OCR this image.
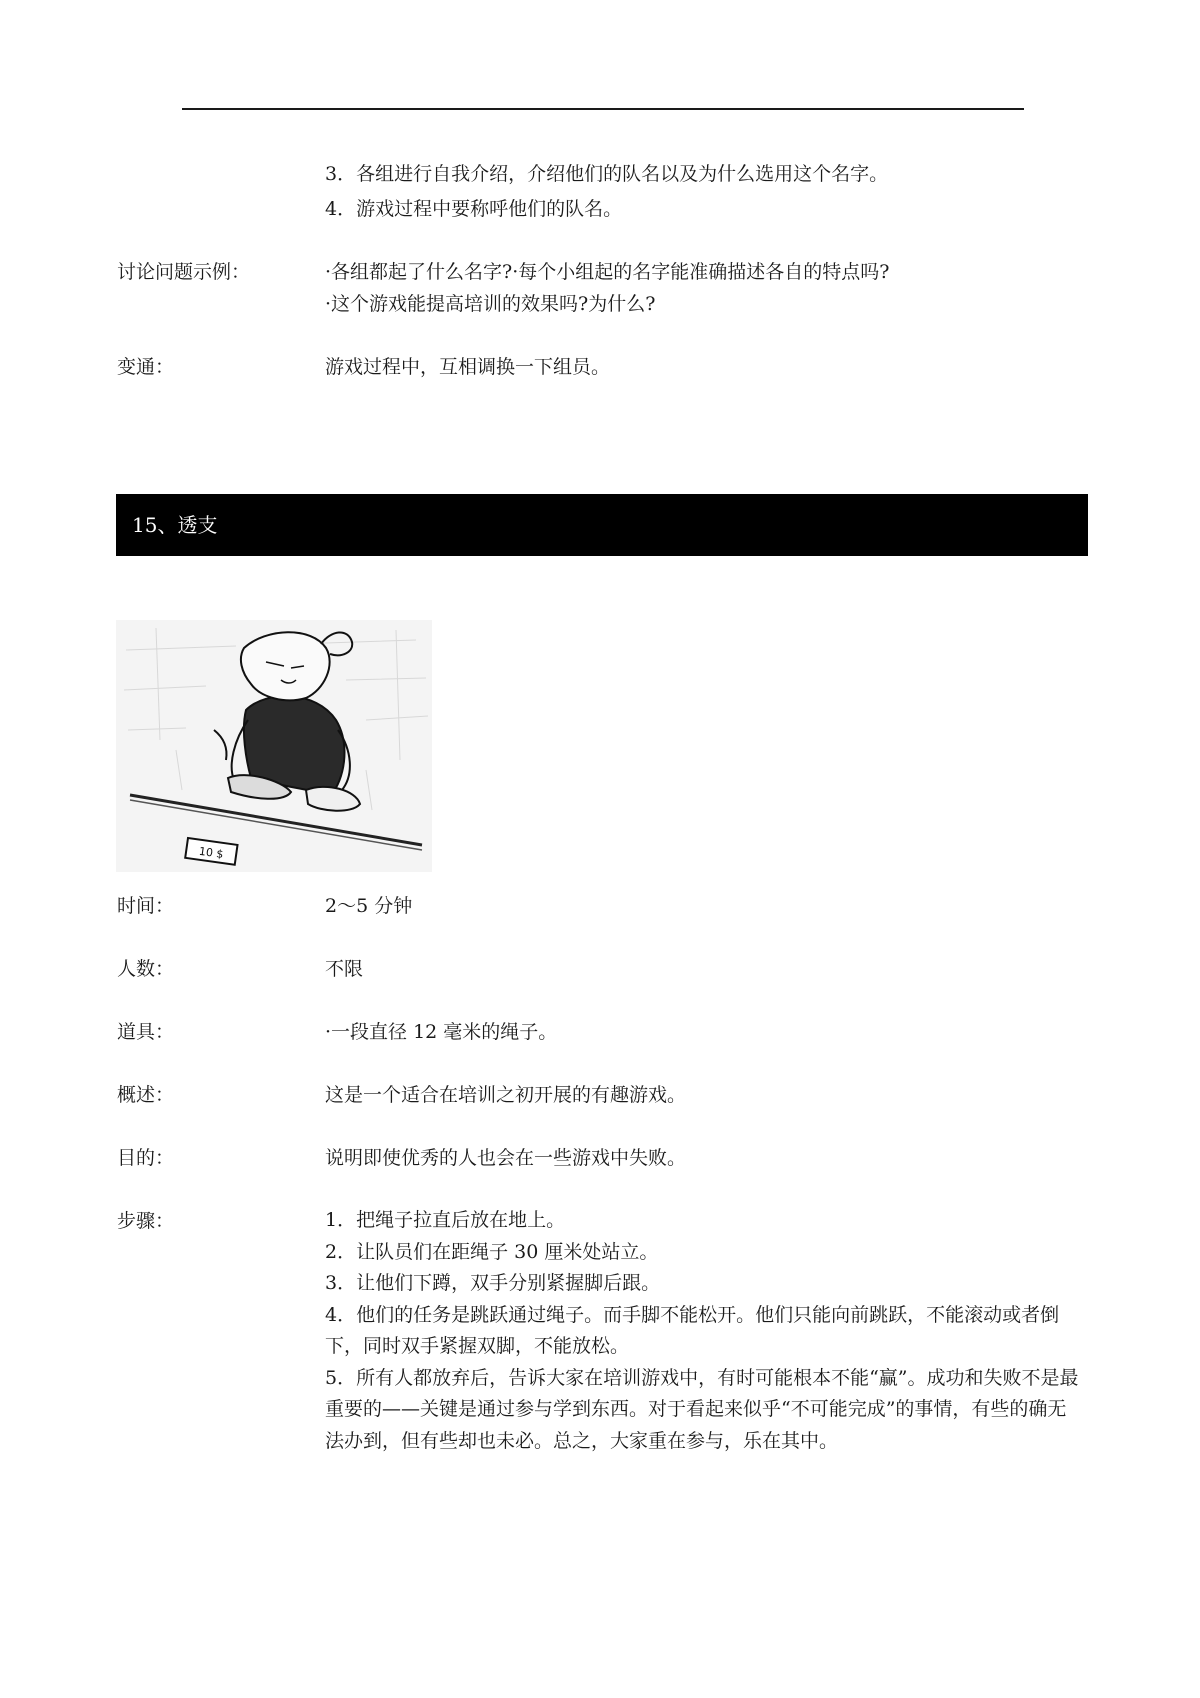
3．各组进行自我介绍，介绍他们的队名以及为什么选用这个名字。
4．游戏过程中要称呼他们的队名。
讨论问题示例：	·各组都起了什么名字?·每个小组起的名字能准确描述各自的特点吗?
·这个游戏能提高培训的效果吗?为什么?
变通：	游戏过程中，互相调换一下组员。
15、透支
10 $
时间：	2～5 分钟
人数：	不限
道具：	·一段直径 12 毫米的绳子。
概述：	这是一个适合在培训之初开展的有趣游戏。
目的：	说明即使优秀的人也会在一些游戏中失败。
步骤：	1．把绳子拉直后放在地上。

2．让队员们在距绳子 30 厘米处站立。

3．让他们下蹲，双手分别紧握脚后跟。

4．他们的任务是跳跃通过绳子。而手脚不能松开。他们只能向前跳跃，不能滚动或者倒下，同时双手紧握双脚，不能放松。

5．所有人都放弃后，告诉大家在培训游戏中，有时可能根本不能“赢”。成功和失败不是最重要的——关键是通过参与学到东西。对于看起来似乎“不可能完成”的事情，有些的确无法办到，但有些却也未必。总之，大家重在参与，乐在其中。
